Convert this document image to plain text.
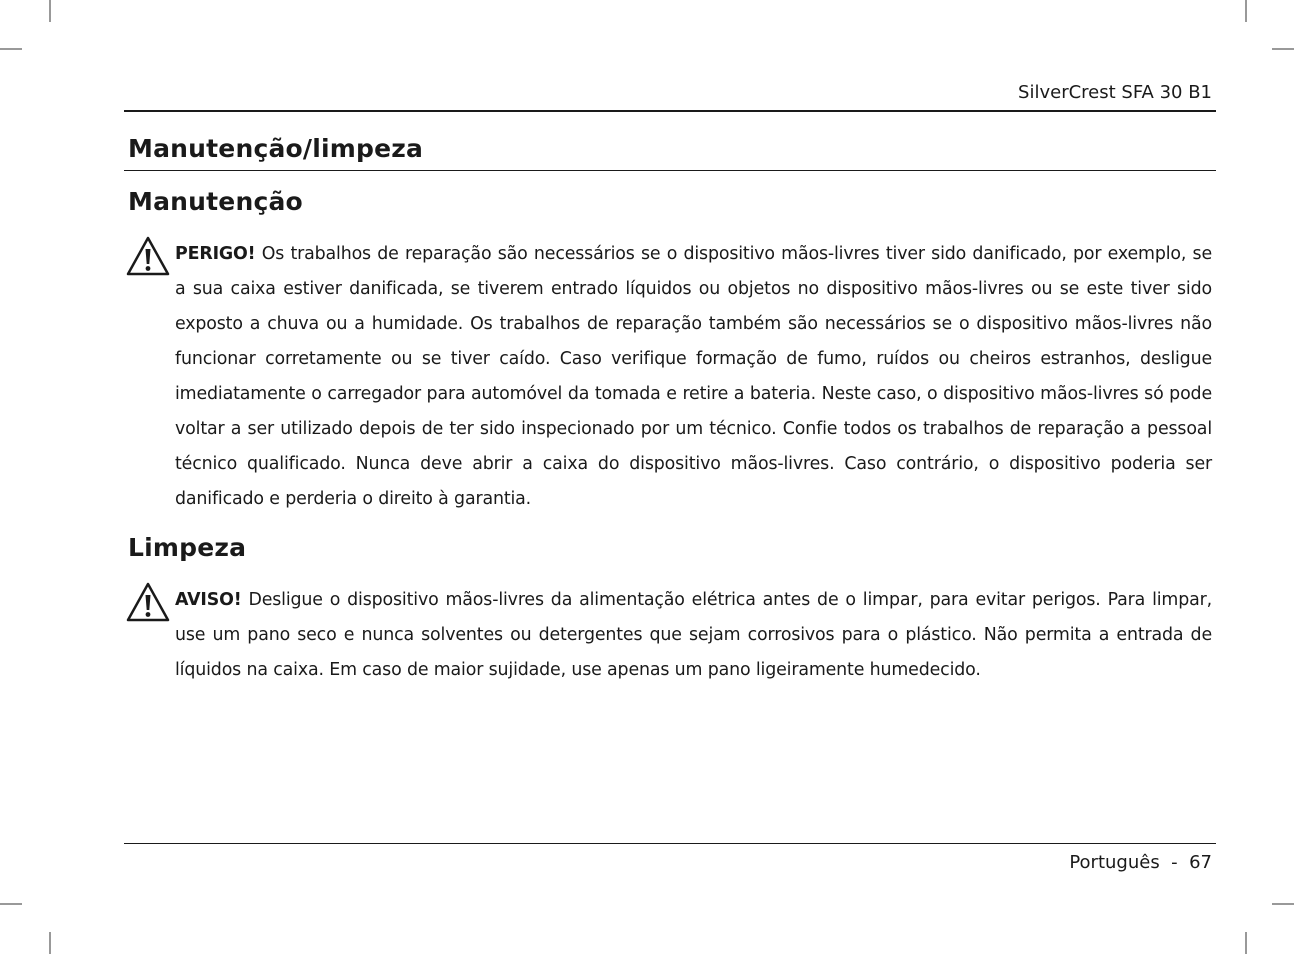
SilverCrest SFA 30 B1
Manutenção/limpeza
Manutenção

PERIGO! Os trabalhos de reparação são necessários se o dispositivo mãos-livres tiver sido danificado, por exemplo, se a sua caixa estiver danificada, se tiverem entrado líquidos ou objetos no dispositivo mãos-livres ou se este tiver sido exposto a chuva ou a humidade. Os trabalhos de reparação também são necessários se o dispositivo mãos-livres não funcionar corretamente ou se tiver caído. Caso verifique formação de fumo, ruídos ou cheiros estranhos, desligue imediatamente o carregador para automóvel da tomada e retire a bateria. Neste caso, o dispositivo mãos-livres só pode voltar a ser utilizado depois de ter sido inspecionado por um técnico. Confie todos os trabalhos de reparação a pessoal técnico qualificado. Nunca deve abrir a caixa do dispositivo mãos-livres. Caso contrário, o dispositivo poderia ser danificado e perderia o direito à garantia.

Limpeza

AVISO! Desligue o dispositivo mãos-livres da alimentação elétrica antes de o limpar, para evitar perigos. Para limpar, use um pano seco e nunca solventes ou detergentes que sejam corrosivos para o plástico. Não permita a entrada de líquidos na caixa. Em caso de maior sujidade, use apenas um pano ligeiramente humedecido.

Português  -  67
